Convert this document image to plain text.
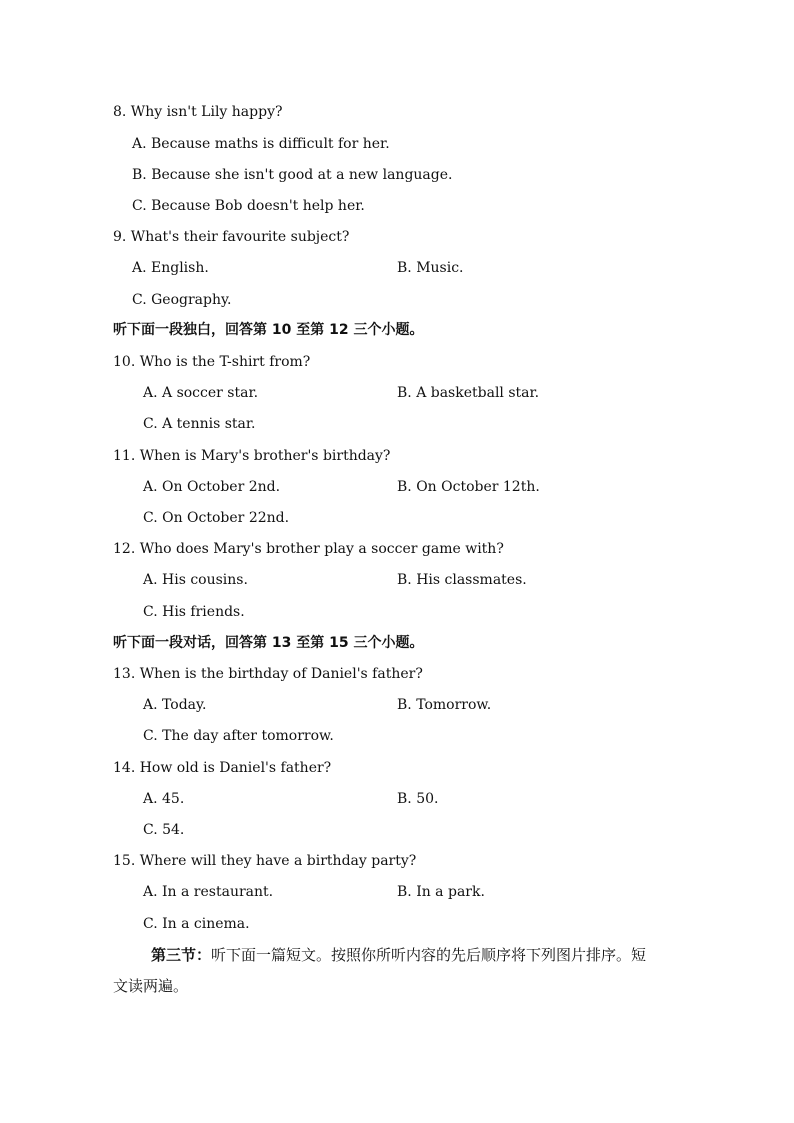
8. Why isn't Lily happy?
A. Because maths is difficult for her.
B. Because she isn't good at a new language.
C. Because Bob doesn't help her.
9. What's their favourite subject?
A. English.	B. Music.
C. Geography.
听下面一段独白，回答第 10 至第 12 三个小题。
10. Who is the T-shirt from?
A. A soccer star.	B. A basketball star.
C. A tennis star.
11. When is Mary's brother's birthday?
A. On October 2nd.	B. On October 12th.
C. On October 22nd.
12. Who does Mary's brother play a soccer game with?
A. His cousins.	B. His classmates.
C. His friends.
听下面一段对话，回答第 13 至第 15 三个小题。
13. When is the birthday of Daniel's father?
A. Today.	B. Tomorrow.
C. The day after tomorrow.
14. How old is Daniel's father?
A. 45.	B. 50.
C. 54.
15. Where will they have a birthday party?
A. In a restaurant.	B. In a park.
C. In a cinema.
第三节：听下面一篇短文。按照你所听内容的先后顺序将下列图片排序。短
文读两遍。
